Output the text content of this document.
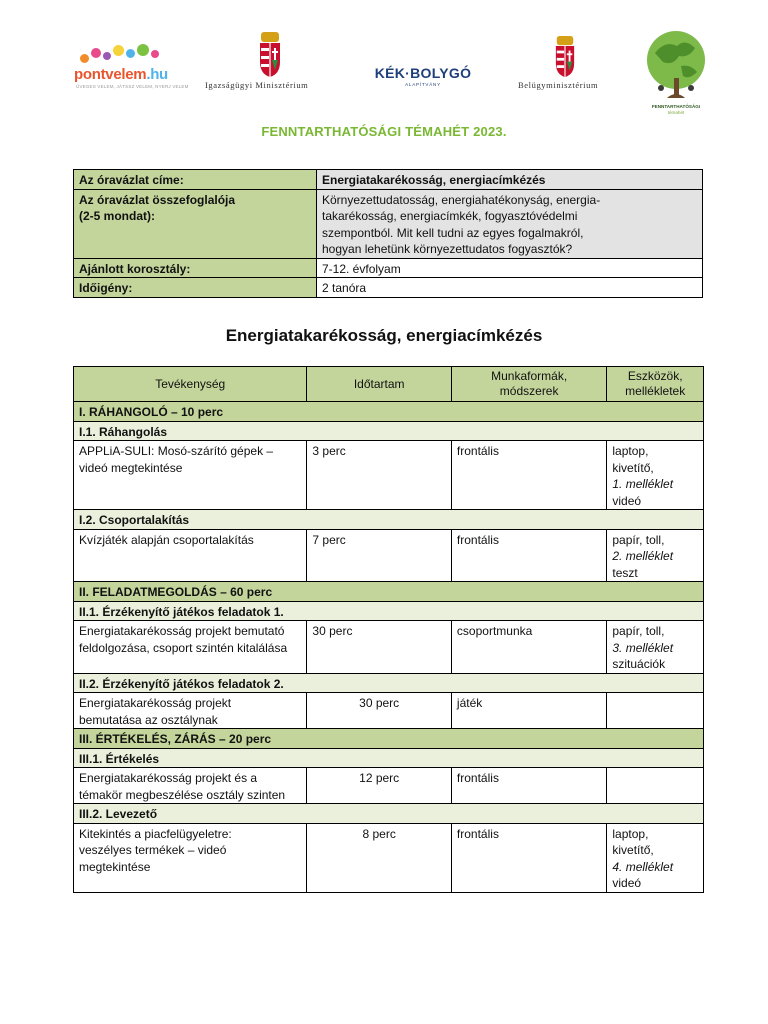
pontvelem.hu
ÜVEGES VELEM, JÁTSSZ VELEM, NYERJ VELEM Igazságügyi Minisztérium
KÉK·BOLYGÓ
ALAPÍTVÁNY	Belügyminisztérium
FENNTARTHATÓSÁGI
témahét
FENNTARTHATÓSÁGI TÉMAHÉT 2023.
Az óravázlat címe:	Energiatakarékosság, energiacímkézés
Az óravázlat összefoglalója
(2-5 mondat):	Környezettudatosság, energiahatékonyság, energia-
takarékosság, energiacímkék, fogyasztóvédelmi
szempontból. Mit kell tudni az egyes fogalmakról,
hogyan lehetünk környezettudatos fogyasztók?
Ajánlott korosztály:	7-12. évfolyam
Időigény:	2 tanóra
Energiatakarékosság, energiacímkézés
Tevékenység	Időtartam	Munkaformák,
módszerek	Eszközök,
mellékletek
I. RÁHANGOLÓ – 10 perc			
I.1. Ráhangolás			
APPLiA-SULI: Mosó-szárító gépek –
videó megtekintése	3 perc	frontális	laptop,
kivetítő,
1. melléklet
videó
I.2. Csoportalakítás			
Kvízjáték alapján csoportalakítás	7 perc	frontális	papír, toll,
2. melléklet
teszt
II. FELADATMEGOLDÁS – 60 perc			
II.1. Érzékenyítő játékos feladatok 1.			
Energiatakarékosság projekt bemutató
feldolgozása, csoport szintén kitalálása	30 perc	csoportmunka	papír, toll,
3. melléklet
szituációk
II.2. Érzékenyítő játékos feladatok 2.			
Energiatakarékosság projekt
bemutatása az osztálynak	30 perc	játék	
III. ÉRTÉKELÉS, ZÁRÁS – 20 perc			
III.1. Értékelés			
Energiatakarékosság projekt és a
témakör megbeszélése osztály szinten	12 perc	frontális	
III.2. Levezető			
Kitekintés a piacfelügyeletre:
veszélyes termékek – videó
megtekintése	8 perc	frontális	laptop,
kivetítő,
4. melléklet
videó
